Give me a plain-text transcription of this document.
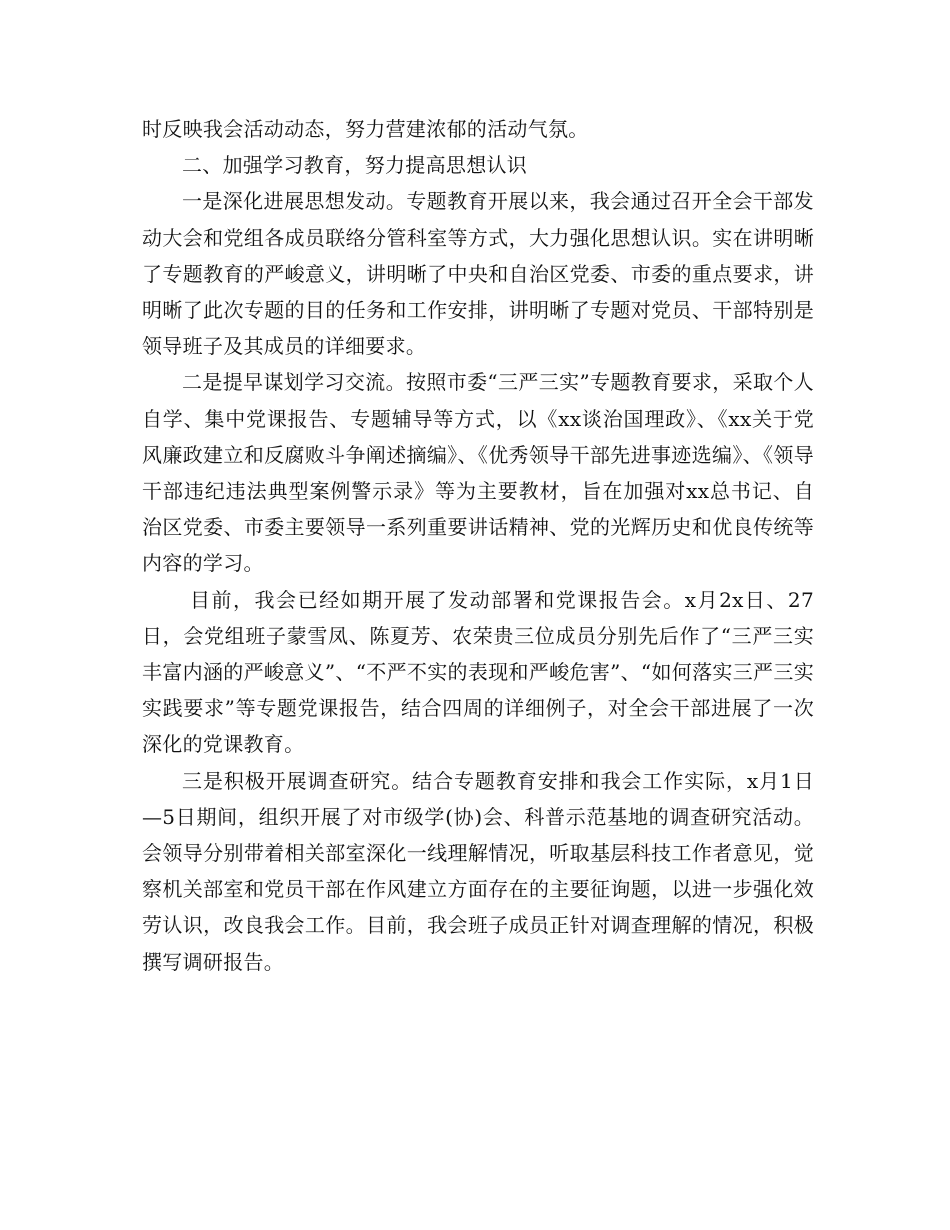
时反映我会活动动态，努力营建浓郁的活动气氛。

二、加强学习教育，努力提高思想认识

一是深化进展思想发动。专题教育开展以来，我会通过召开全会干部发动大会和党组各成员联络分管科室等方式，大力强化思想认识。实在讲明晰了专题教育的严峻意义，讲明晰了中央和自治区党委、市委的重点要求，讲明晰了此次专题的目的任务和工作安排，讲明晰了专题对党员、干部特别是领导班子及其成员的详细要求。

二是提早谋划学习交流。按照市委“三严三实”专题教育要求，采取个人自学、集中党课报告、专题辅导等方式，以《xx谈治国理政》、《xx关于党风廉政建立和反腐败斗争阐述摘编》、《优秀领导干部先进事迹选编》、《领导干部违纪违法典型案例警示录》等为主要教材，旨在加强对xx总书记、自治区党委、市委主要领导一系列重要讲话精神、党的光辉历史和优良传统等内容的学习。

目前，我会已经如期开展了发动部署和党课报告会。x月2x日、27日，会党组班子蒙雪凤、陈夏芳、农荣贵三位成员分别先后作了“三严三实丰富内涵的严峻意义”、“不严不实的表现和严峻危害”、“如何落实三严三实实践要求”等专题党课报告，结合四周的详细例子，对全会干部进展了一次深化的党课教育。

三是积极开展调查研究。结合专题教育安排和我会工作实际，x月1日—5日期间，组织开展了对市级学(协)会、科普示范基地的调查研究活动。会领导分别带着相关部室深化一线理解情况，听取基层科技工作者意见，觉察机关部室和党员干部在作风建立方面存在的主要征询题，以进一步强化效劳认识，改良我会工作。目前，我会班子成员正针对调查理解的情况，积极撰写调研报告。
